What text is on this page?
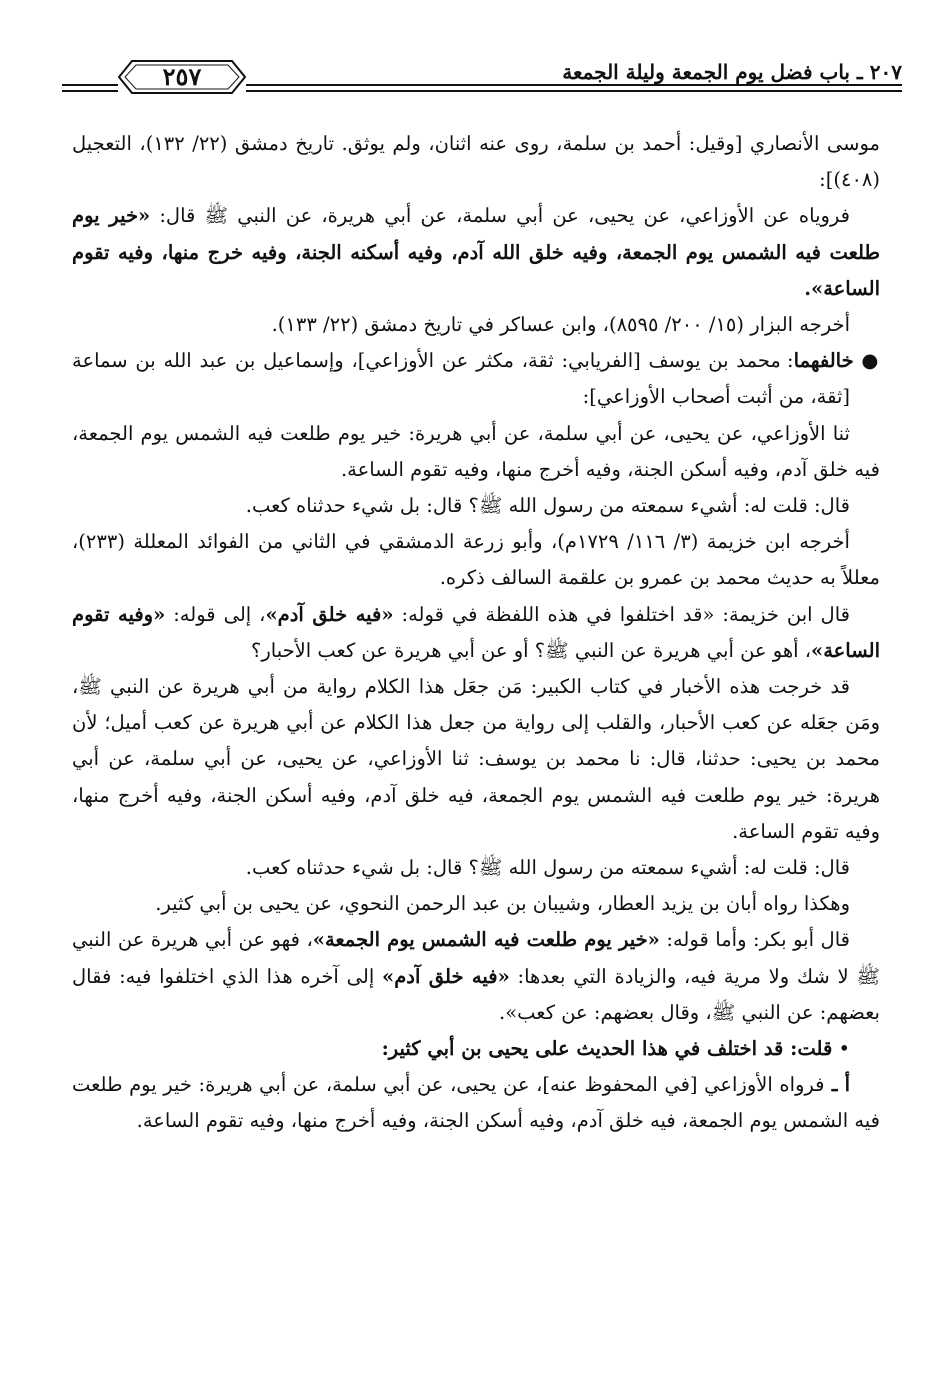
٢٠٧ ـ باب فضل يوم الجمعة وليلة الجمعة
٢٥٧

موسى الأنصاري [وقيل: أحمد بن سلمة، روى عنه اثنان، ولم يوثق. تاريخ دمشق (٢٢/ ١٣٢)، التعجيل (٤٠٨)]:

فروياه عن الأوزاعي، عن يحيى، عن أبي سلمة، عن أبي هريرة، عن النبي ﷺ قال: «خير يوم طلعت فيه الشمس يوم الجمعة، وفيه خلق الله آدم، وفيه أسكنه الجنة، وفيه خرج منها، وفيه تقوم الساعة».

أخرجه البزار (١٥/ ٢٠٠/ ٨٥٩٥)، وابن عساكر في تاريخ دمشق (٢٢/ ١٣٣).

● خالفهما: محمد بن يوسف [الفريابي: ثقة، مكثر عن الأوزاعي]، وإسماعيل بن عبد الله بن سماعة [ثقة، من أثبت أصحاب الأوزاعي]:

ثنا الأوزاعي، عن يحيى، عن أبي سلمة، عن أبي هريرة: خير يوم طلعت فيه الشمس يوم الجمعة، فيه خلق آدم، وفيه أسكن الجنة، وفيه أخرج منها، وفيه تقوم الساعة.

قال: قلت له: أشيء سمعته من رسول الله ﷺ؟ قال: بل شيء حدثناه كعب.

أخرجه ابن خزيمة (٣/ ١١٦/ ١٧٢٩م)، وأبو زرعة الدمشقي في الثاني من الفوائد المعللة (٢٣٣)، معللاً به حديث محمد بن عمرو بن علقمة السالف ذكره.

قال ابن خزيمة: «قد اختلفوا في هذه اللفظة في قوله: «فيه خلق آدم»، إلى قوله: «وفيه تقوم الساعة»، أهو عن أبي هريرة عن النبي ﷺ؟ أو عن أبي هريرة عن كعب الأحبار؟

قد خرجت هذه الأخبار في كتاب الكبير: مَن جعَل هذا الكلام رواية من أبي هريرة عن النبي ﷺ، ومَن جعَله عن كعب الأحبار، والقلب إلى رواية من جعل هذا الكلام عن أبي هريرة عن كعب أميل؛ لأن محمد بن يحيى: حدثنا، قال: نا محمد بن يوسف: ثنا الأوزاعي، عن يحيى، عن أبي سلمة، عن أبي هريرة: خير يوم طلعت فيه الشمس يوم الجمعة، فيه خلق آدم، وفيه أسكن الجنة، وفيه أخرج منها، وفيه تقوم الساعة.

قال: قلت له: أشيء سمعته من رسول الله ﷺ؟ قال: بل شيء حدثناه كعب.

وهكذا رواه أبان بن يزيد العطار، وشيبان بن عبد الرحمن النحوي، عن يحيى بن أبي كثير.

قال أبو بكر: وأما قوله: «خير يوم طلعت فيه الشمس يوم الجمعة»، فهو عن أبي هريرة عن النبي ﷺ لا شك ولا مرية فيه، والزيادة التي بعدها: «فيه خلق آدم» إلى آخره هذا الذي اختلفوا فيه: فقال بعضهم: عن النبي ﷺ، وقال بعضهم: عن كعب».

• قلت: قد اختلف في هذا الحديث على يحيى بن أبي كثير:

أ ـ فرواه الأوزاعي [في المحفوظ عنه]، عن يحيى، عن أبي سلمة، عن أبي هريرة: خير يوم طلعت فيه الشمس يوم الجمعة، فيه خلق آدم، وفيه أسكن الجنة، وفيه أخرج منها، وفيه تقوم الساعة.
